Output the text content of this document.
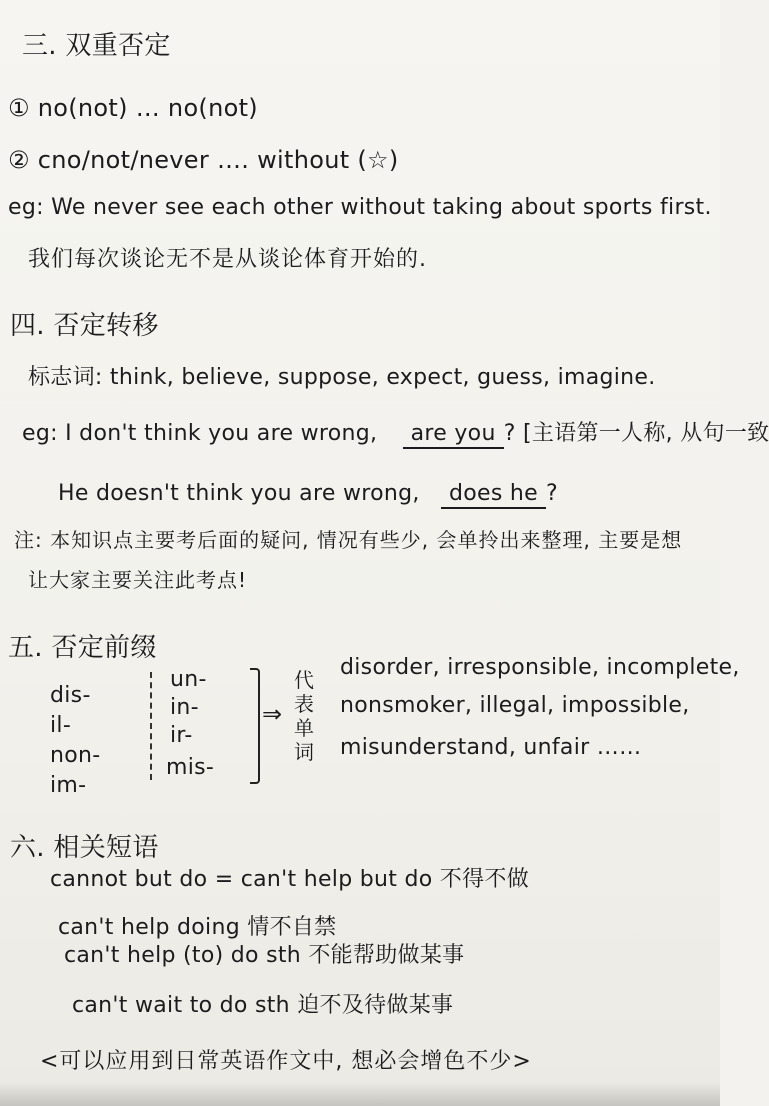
三. 双重否定
① no(not) … no(not)
② cno/not/never …. without (☆)
eg: We never see each other without taking about sports first.
我们每次谈论无不是从谈论体育开始的.
四. 否定转移
标志词: think, believe, suppose, expect, guess, imagine.
eg: I don't think you are wrong, are you ? [主语第一人称, 从句一致
He doesn't think you are wrong, does he ?
注: 本知识点主要考后面的疑问, 情况有些少, 会单拎出来整理, 主要是想
让大家主要关注此考点!
五. 否定前缀
dis-
il-
non-
im-
un-
in-
ir-
mis-
⇒
代表单词
disorder, irresponsible, incomplete,
nonsmoker, illegal, impossible,
misunderstand, unfair ……
六. 相关短语
cannot but do = can't help but do 不得不做
can't help doing 情不自禁
can't help (to) do sth 不能帮助做某事
can't wait to do sth 迫不及待做某事
<可以应用到日常英语作文中, 想必会增色不少>
